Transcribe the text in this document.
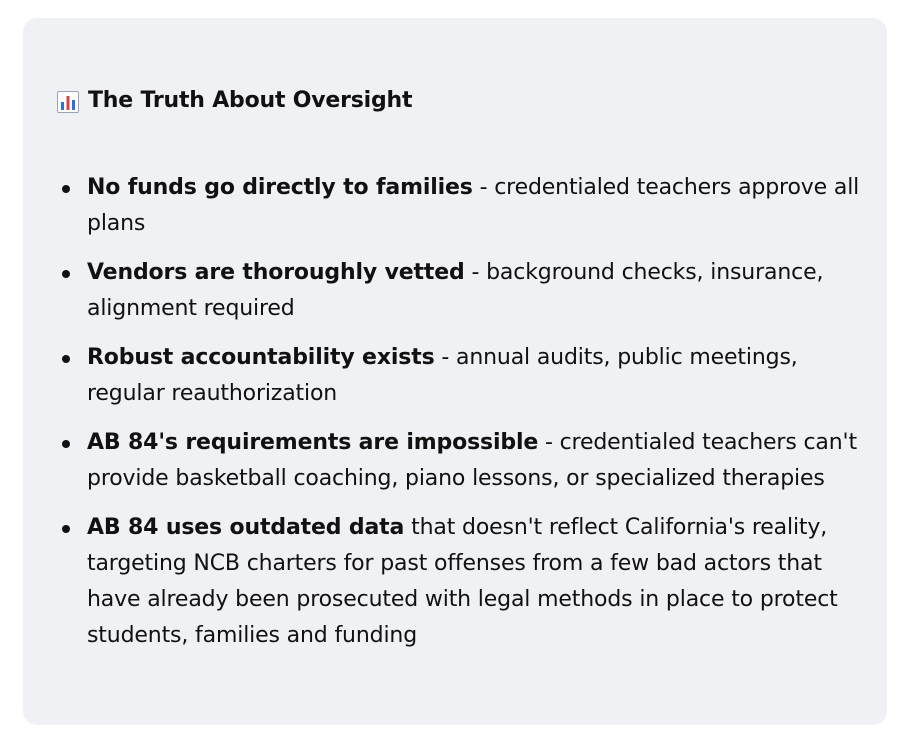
The Truth About Oversight
No funds go directly to families - credentialed teachers approve all plans
Vendors are thoroughly vetted - background checks, insurance, alignment required
Robust accountability exists - annual audits, public meetings, regular reauthorization
AB 84's requirements are impossible - credentialed teachers can't provide basketball coaching, piano lessons, or specialized therapies
AB 84 uses outdated data that doesn't reflect California's reality, targeting NCB charters for past offenses from a few bad actors that have already been prosecuted with legal methods in place to protect students, families and funding
